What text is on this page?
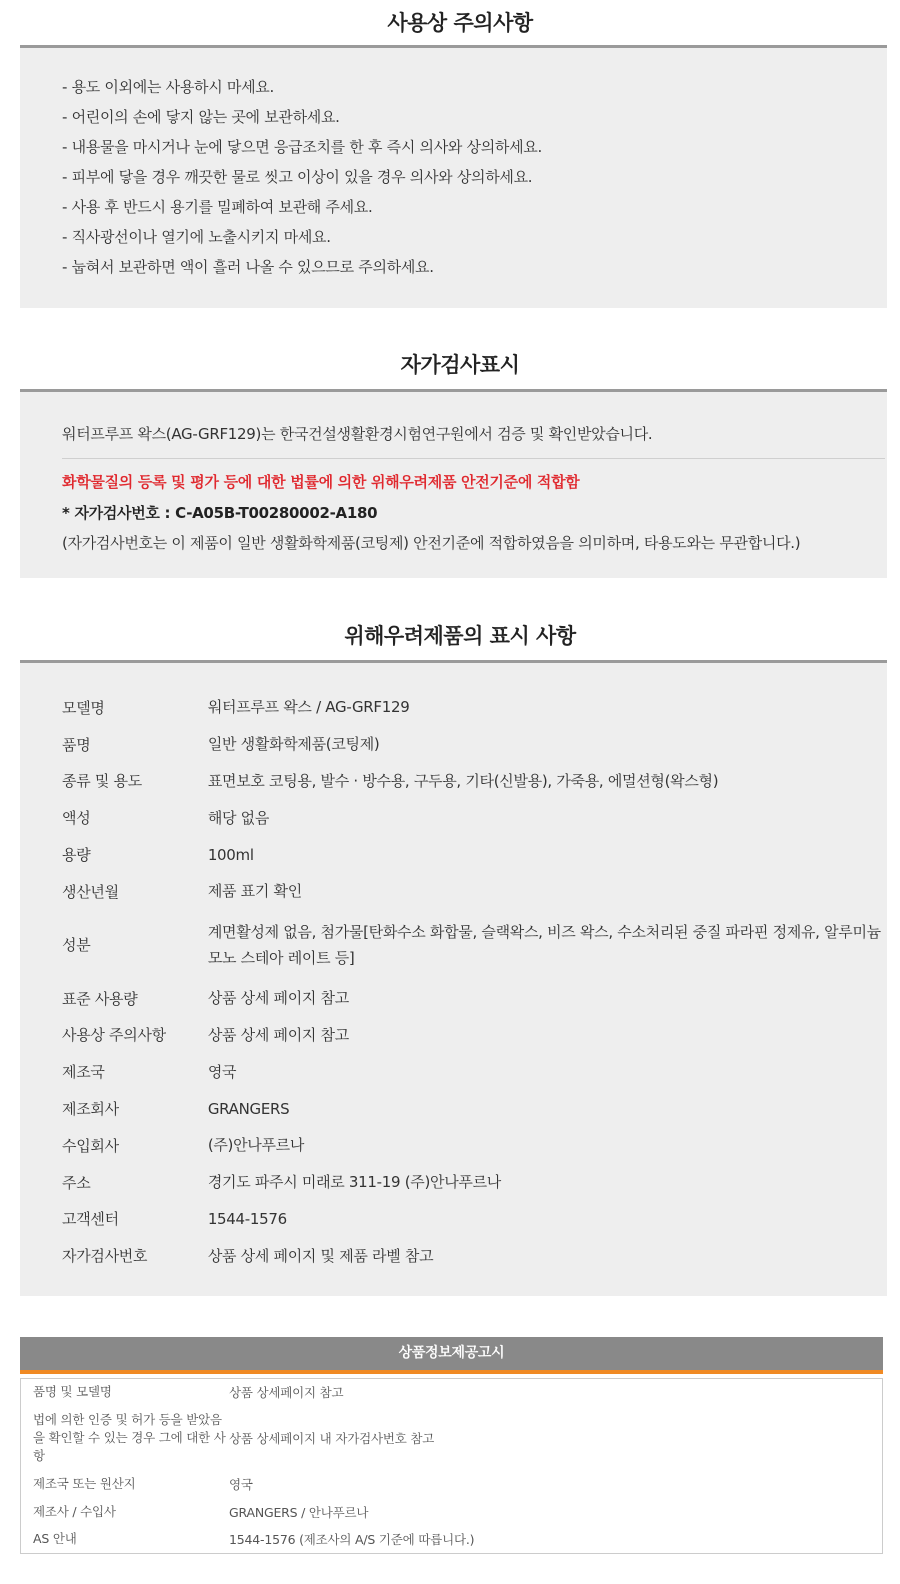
사용상 주의사항
- 용도 이외에는 사용하시 마세요.
- 어린이의 손에 닿지 않는 곳에 보관하세요.
- 내용물을 마시거나 눈에 닿으면 응급조치를 한 후 즉시 의사와 상의하세요.
- 피부에 닿을 경우 깨끗한 물로 씻고 이상이 있을 경우 의사와 상의하세요.
- 사용 후 반드시 용기를 밀폐하여 보관해 주세요.
- 직사광선이나 열기에 노출시키지 마세요.
- 눕혀서 보관하면 액이 흘러 나올 수 있으므로 주의하세요.
자가검사표시
워터프루프 왁스(AG-GRF129)는 한국건설생활환경시험연구원에서 검증 및 확인받았습니다.
화학물질의 등록 및 평가 등에 대한 법률에 의한 위해우려제품 안전기준에 적합함
* 자가검사번호 : C-A05B-T00280002-A180
(자가검사번호는 이 제품이 일반 생활화학제품(코팅제) 안전기준에 적합하였음을 의미하며, 타용도와는 무관합니다.)
위해우려제품의 표시 사항
모델명	워터프루프 왁스 / AG-GRF129
품명	일반 생활화학제품(코팅제)
종류 및 용도	표면보호 코팅용, 발수 · 방수용, 구두용, 기타(신발용), 가죽용, 에멀션형(왁스형)
액성	해당 없음
용량	100ml
생산년월	제품 표기 확인
성분	계면활성제 없음, 첨가물[탄화수소 화합물, 슬랙왁스, 비즈 왁스, 수소처리된 중질 파라핀 정제유, 알루미늄 모노 스테아 레이트 등]
표준 사용량	상품 상세 페이지 참고
사용상 주의사항	상품 상세 페이지 참고
제조국	영국
제조회사	GRANGERS
수입회사	(주)안나푸르나
주소	경기도 파주시 미래로 311-19 (주)안나푸르나
고객센터	1544-1576
자가검사번호	상품 상세 페이지 및 제품 라벨 참고
상품정보제공고시
품명 및 모델명	상품 상세페이지 참고
법에 의한 인증 및 허가 등을 받았음을 확인할 수 있는 경우 그에 대한 사항	상품 상세페이지 내 자가검사번호 참고
제조국 또는 원산지	영국
제조사 / 수입사	GRANGERS / 안나푸르나
AS 안내	1544-1576 (제조사의 A/S 기준에 따릅니다.)
